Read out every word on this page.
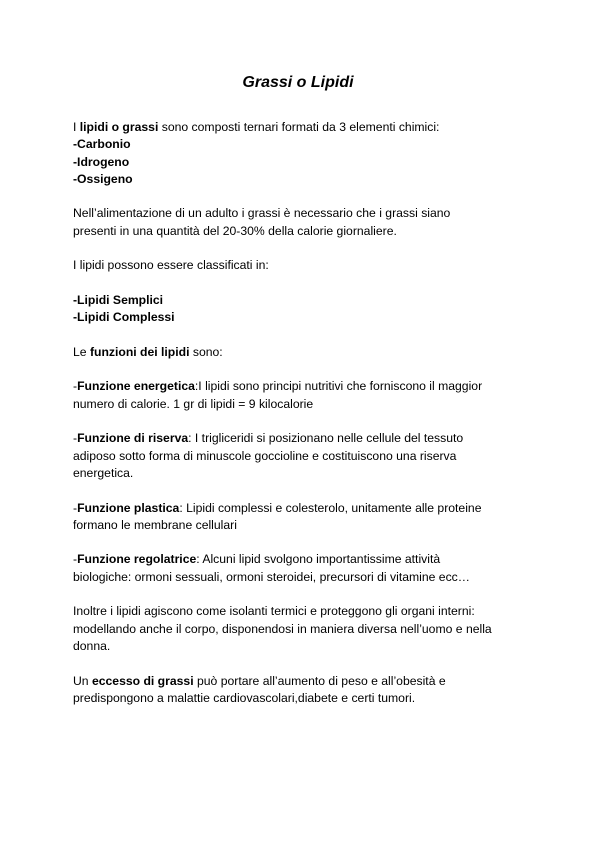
Grassi o Lipidi
I lipidi o grassi sono composti ternari formati da 3 elementi chimici:
-Carbonio
-Idrogeno
-Ossigeno
Nell’alimentazione di un adulto i grassi è necessario che i grassi siano
presenti in una quantità del 20-30% della calorie giornaliere.
I lipidi possono essere classificati in:
-Lipidi Semplici
-Lipidi Complessi
Le funzioni dei lipidi sono:
-Funzione energetica:I lipidi sono principi nutritivi che forniscono il maggior
numero di calorie. 1 gr di lipidi = 9 kilocalorie
-Funzione di riserva: I trigliceridi si posizionano nelle cellule del tessuto
adiposo sotto forma di minuscole goccioline e costituiscono una riserva
energetica.
-Funzione plastica: Lipidi complessi e colesterolo, unitamente alle proteine
formano le membrane cellulari
-Funzione regolatrice: Alcuni lipid svolgono importantissime attività
biologiche: ormoni sessuali, ormoni steroidei, precursori di vitamine ecc…
Inoltre i lipidi agiscono come isolanti termici e proteggono gli organi interni:
modellando anche il corpo, disponendosi in maniera diversa nell’uomo e nella
donna.
Un eccesso di grassi può portare all’aumento di peso e all’obesità e
predispongono a malattie cardiovascolari,diabete e certi tumori.
